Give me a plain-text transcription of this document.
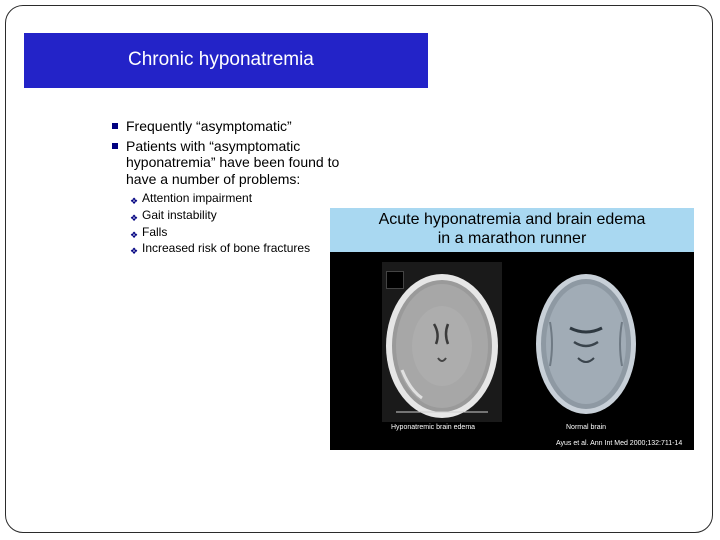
Chronic hyponatremia
Frequently “asymptomatic”
Patients with “asymptomatic hyponatremia” have been found to have a number of problems:
❖ Attention impairment
❖ Gait instability
❖ Falls
❖ Increased risk of bone fractures
Acute hyponatremia and brain edema
in a marathon runner
Hyponatremic brain edema	Normal brain
Ayus et al. Ann Int Med 2000;132:711-14
